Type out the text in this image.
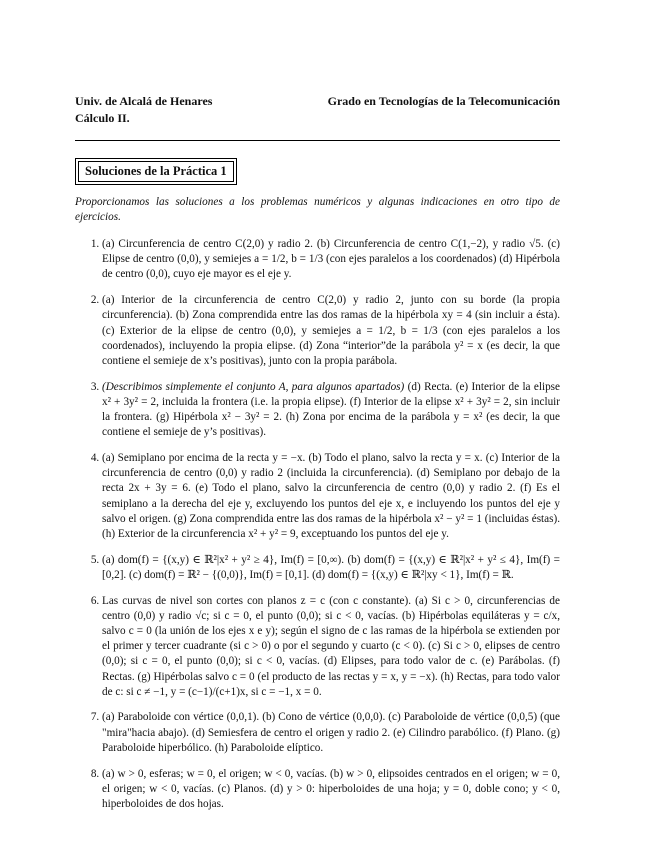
Univ. de Alcalá de Henares
Cálculo II.
Grado en Tecnologías de la Telecomunicación
Soluciones de la Práctica 1

Proporcionamos las soluciones a los problemas numéricos y algunas indicaciones en otro tipo de ejercicios.

1. (a) Circunferencia de centro C(2,0) y radio 2. (b) Circunferencia de centro C(1,−2), y radio √5. (c) Elipse de centro (0,0), y semiejes a = 1/2, b = 1/3 (con ejes paralelos a los coordenados) (d) Hipérbola de centro (0,0), cuyo eje mayor es el eje y.
2. (a) Interior de la circunferencia de centro C(2,0) y radio 2, junto con su borde (la propia circunferencia). (b) Zona comprendida entre las dos ramas de la hipérbola xy = 4 (sin incluir a ésta). (c) Exterior de la elipse de centro (0,0), y semiejes a = 1/2, b = 1/3 (con ejes paralelos a los coordenados), incluyendo la propia elipse. (d) Zona “interior”de la parábola y² = x (es decir, la que contiene el semieje de x’s positivas), junto con la propia parábola.
3. (Describimos simplemente el conjunto A, para algunos apartados) (d) Recta. (e) Interior de la elipse x² + 3y² = 2, incluida la frontera (i.e. la propia elipse). (f) Interior de la elipse x² + 3y² = 2, sin incluir la frontera. (g) Hipérbola x² − 3y² = 2. (h) Zona por encima de la parábola y = x² (es decir, la que contiene el semieje de y’s positivas).
4. (a) Semiplano por encima de la recta y = −x. (b) Todo el plano, salvo la recta y = x. (c) Interior de la circunferencia de centro (0,0) y radio 2 (incluida la circunferencia). (d) Semiplano por debajo de la recta 2x + 3y = 6. (e) Todo el plano, salvo la circunferencia de centro (0,0) y radio 2. (f) Es el semiplano a la derecha del eje y, excluyendo los puntos del eje x, e incluyendo los puntos del eje y salvo el origen. (g) Zona comprendida entre las dos ramas de la hipérbola x² − y² = 1 (incluidas éstas). (h) Exterior de la circunferencia x² + y² = 9, exceptuando los puntos del eje y.
5. (a) dom(f) = {(x,y) ∈ ℝ²|x² + y² ≥ 4}, Im(f) = [0,∞). (b) dom(f) = {(x,y) ∈ ℝ²|x² + y² ≤ 4}, Im(f) = [0,2]. (c) dom(f) = ℝ² − {(0,0)}, Im(f) = [0,1]. (d) dom(f) = {(x,y) ∈ ℝ²|xy < 1}, Im(f) = ℝ.
6. Las curvas de nivel son cortes con planos z = c (con c constante). (a) Si c > 0, circunferencias de centro (0,0) y radio √c; si c = 0, el punto (0,0); si c < 0, vacías. (b) Hipérbolas equiláteras y = c/x, salvo c = 0 (la unión de los ejes x e y); según el signo de c las ramas de la hipérbola se extienden por el primer y tercer cuadrante (si c > 0) o por el segundo y cuarto (c < 0). (c) Si c > 0, elipses de centro (0,0); si c = 0, el punto (0,0); si c < 0, vacías. (d) Elipses, para todo valor de c. (e) Parábolas. (f) Rectas. (g) Hipérbolas salvo c = 0 (el producto de las rectas y = x, y = −x). (h) Rectas, para todo valor de c: si c ≠ −1, y = (c−1)/(c+1)x, si c = −1, x = 0.
7. (a) Paraboloide con vértice (0,0,1). (b) Cono de vértice (0,0,0). (c) Paraboloide de vértice (0,0,5) (que "mira"hacia abajo). (d) Semiesfera de centro el origen y radio 2. (e) Cilindro parabólico. (f) Plano. (g) Paraboloide hiperbólico. (h) Paraboloide elíptico.
8. (a) w > 0, esferas; w = 0, el origen; w < 0, vacías. (b) w > 0, elipsoides centrados en el origen; w = 0, el origen; w < 0, vacías. (c) Planos. (d) y > 0: hiperboloides de una hoja; y = 0, doble cono; y < 0, hiperboloides de dos hojas.
